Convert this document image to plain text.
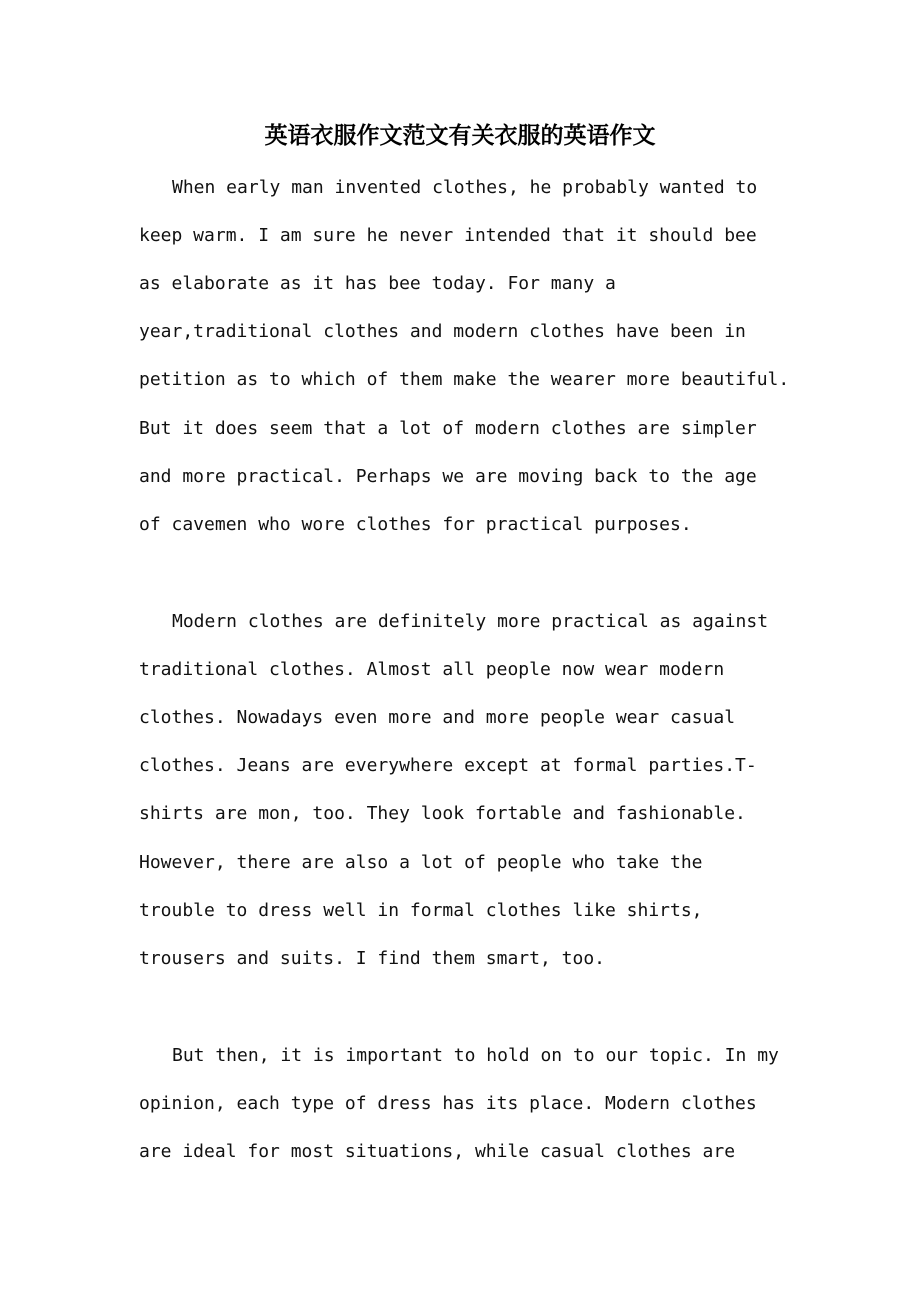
英语衣服作文范文有关衣服的英语作文
When early man invented clothes, he probably wanted to
keep warm. I am sure he never intended that it should bee
as elaborate as it has bee today. For many a
year,traditional clothes and modern clothes have been in
petition as to which of them make the wearer more beautiful.
But it does seem that a lot of modern clothes are simpler
and more practical. Perhaps we are moving back to the age
of cavemen who wore clothes for practical purposes.
Modern clothes are definitely more practical as against
traditional clothes. Almost all people now wear modern
clothes. Nowadays even more and more people wear casual
clothes. Jeans are everywhere except at formal parties.T-
shirts are mon, too. They look fortable and fashionable.
However, there are also a lot of people who take the
trouble to dress well in formal clothes like shirts,
trousers and suits. I find them smart, too.
But then, it is important to hold on to our topic. In my
opinion, each type of dress has its place. Modern clothes
are ideal for most situations, while casual clothes are
